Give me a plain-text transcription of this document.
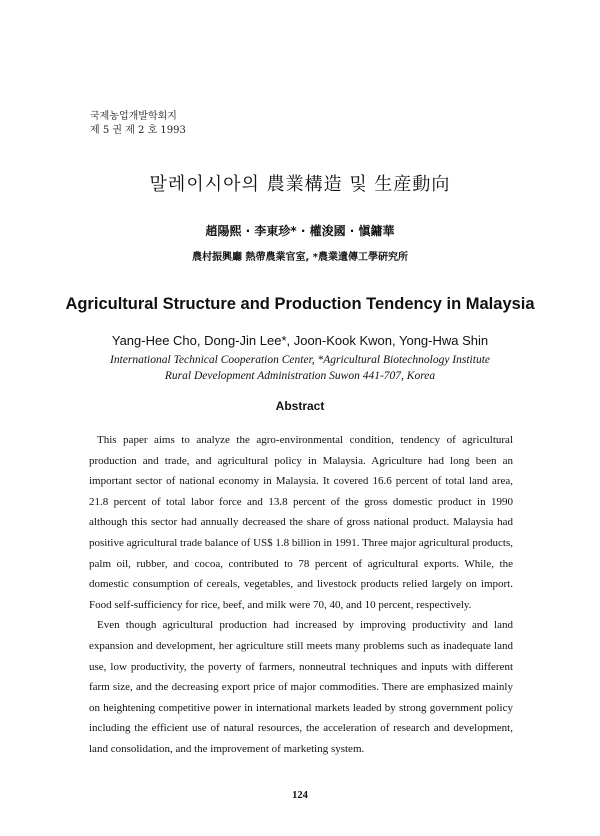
국제농업개발학회지
제 5 권 제 2 호 1993
말레이시아의 農業構造 및 生産動向
趙陽熙 · 李東珍* · 權浚國 · 愼鏞華
農村振興廳 熱帶農業官室, *農業遺傳工學硏究所
Agricultural Structure and Production Tendency in Malaysia
Yang-Hee Cho, Dong-Jin Lee*, Joon-Kook Kwon, Yong-Hwa Shin
International Technical Cooperation Center, *Agricultural Biotechnology Institute
Rural Development Administration Suwon 441-707, Korea
Abstract

This paper aims to analyze the agro-environmental condition, tendency of agricultural production and trade, and agricultural policy in Malaysia. Agriculture had long been an important sector of national economy in Malaysia. It covered 16.6 percent of total land area, 21.8 percent of total labor force and 13.8 percent of the gross domestic product in 1990 although this sector had annually decreased the share of gross national product. Malaysia had positive agricultural trade balance of US$ 1.8 billion in 1991. Three major agricultural products, palm oil, rubber, and cocoa, contributed to 78 percent of agricultural exports. While, the domestic consumption of cereals, vegetables, and livestock products relied largely on import. Food self-sufficiency for rice, beef, and milk were 70, 40, and 10 percent, respectively.

Even though agricultural production had increased by improving productivity and land expansion and development, her agriculture still meets many problems such as inadequate land use, low productivity, the poverty of farmers, nonneutral techniques and inputs with different farm size, and the decreasing export price of major commodities. There are emphasized mainly on heightening competitive power in international markets leaded by strong government policy including the efficient use of natural resources, the acceleration of research and development, land consolidation, and the improvement of marketing system.

124
